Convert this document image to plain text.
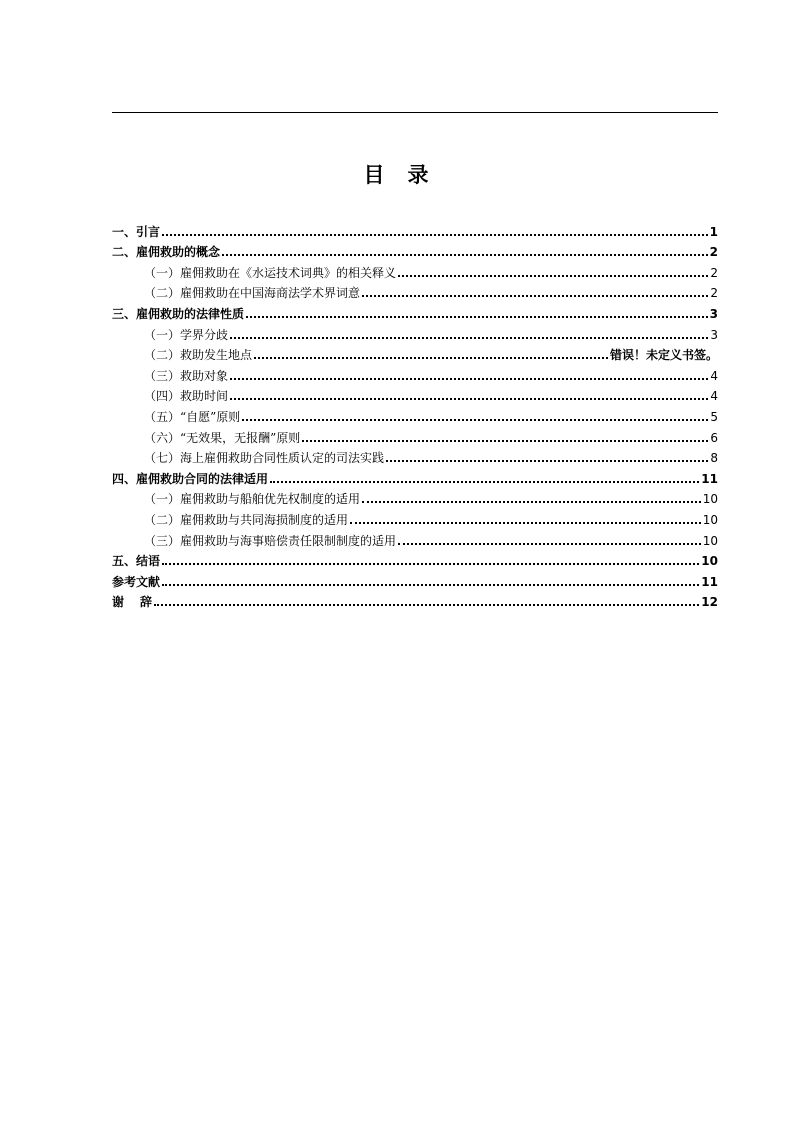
目 录
一、引言	1
二、雇佣救助的概念	2
（一）雇佣救助在《水运技术词典》的相关释义	2
（二）雇佣救助在中国海商法学术界词意	2
三、雇佣救助的法律性质	3
（一）学界分歧	3
（二）救助发生地点	错误！未定义书签。
（三）救助对象	4
（四）救助时间	4
（五）“自愿”原则	5
（六）“无效果，无报酬”原则	6
（七）海上雇佣救助合同性质认定的司法实践	8
四、雇佣救助合同的法律适用	11
（一）雇佣救助与船舶优先权制度的适用	10
（二）雇佣救助与共同海损制度的适用	10
（三）雇佣救助与海事赔偿责任限制制度的适用	10
五、结语	10
参考文献	11
谢 辞	12
